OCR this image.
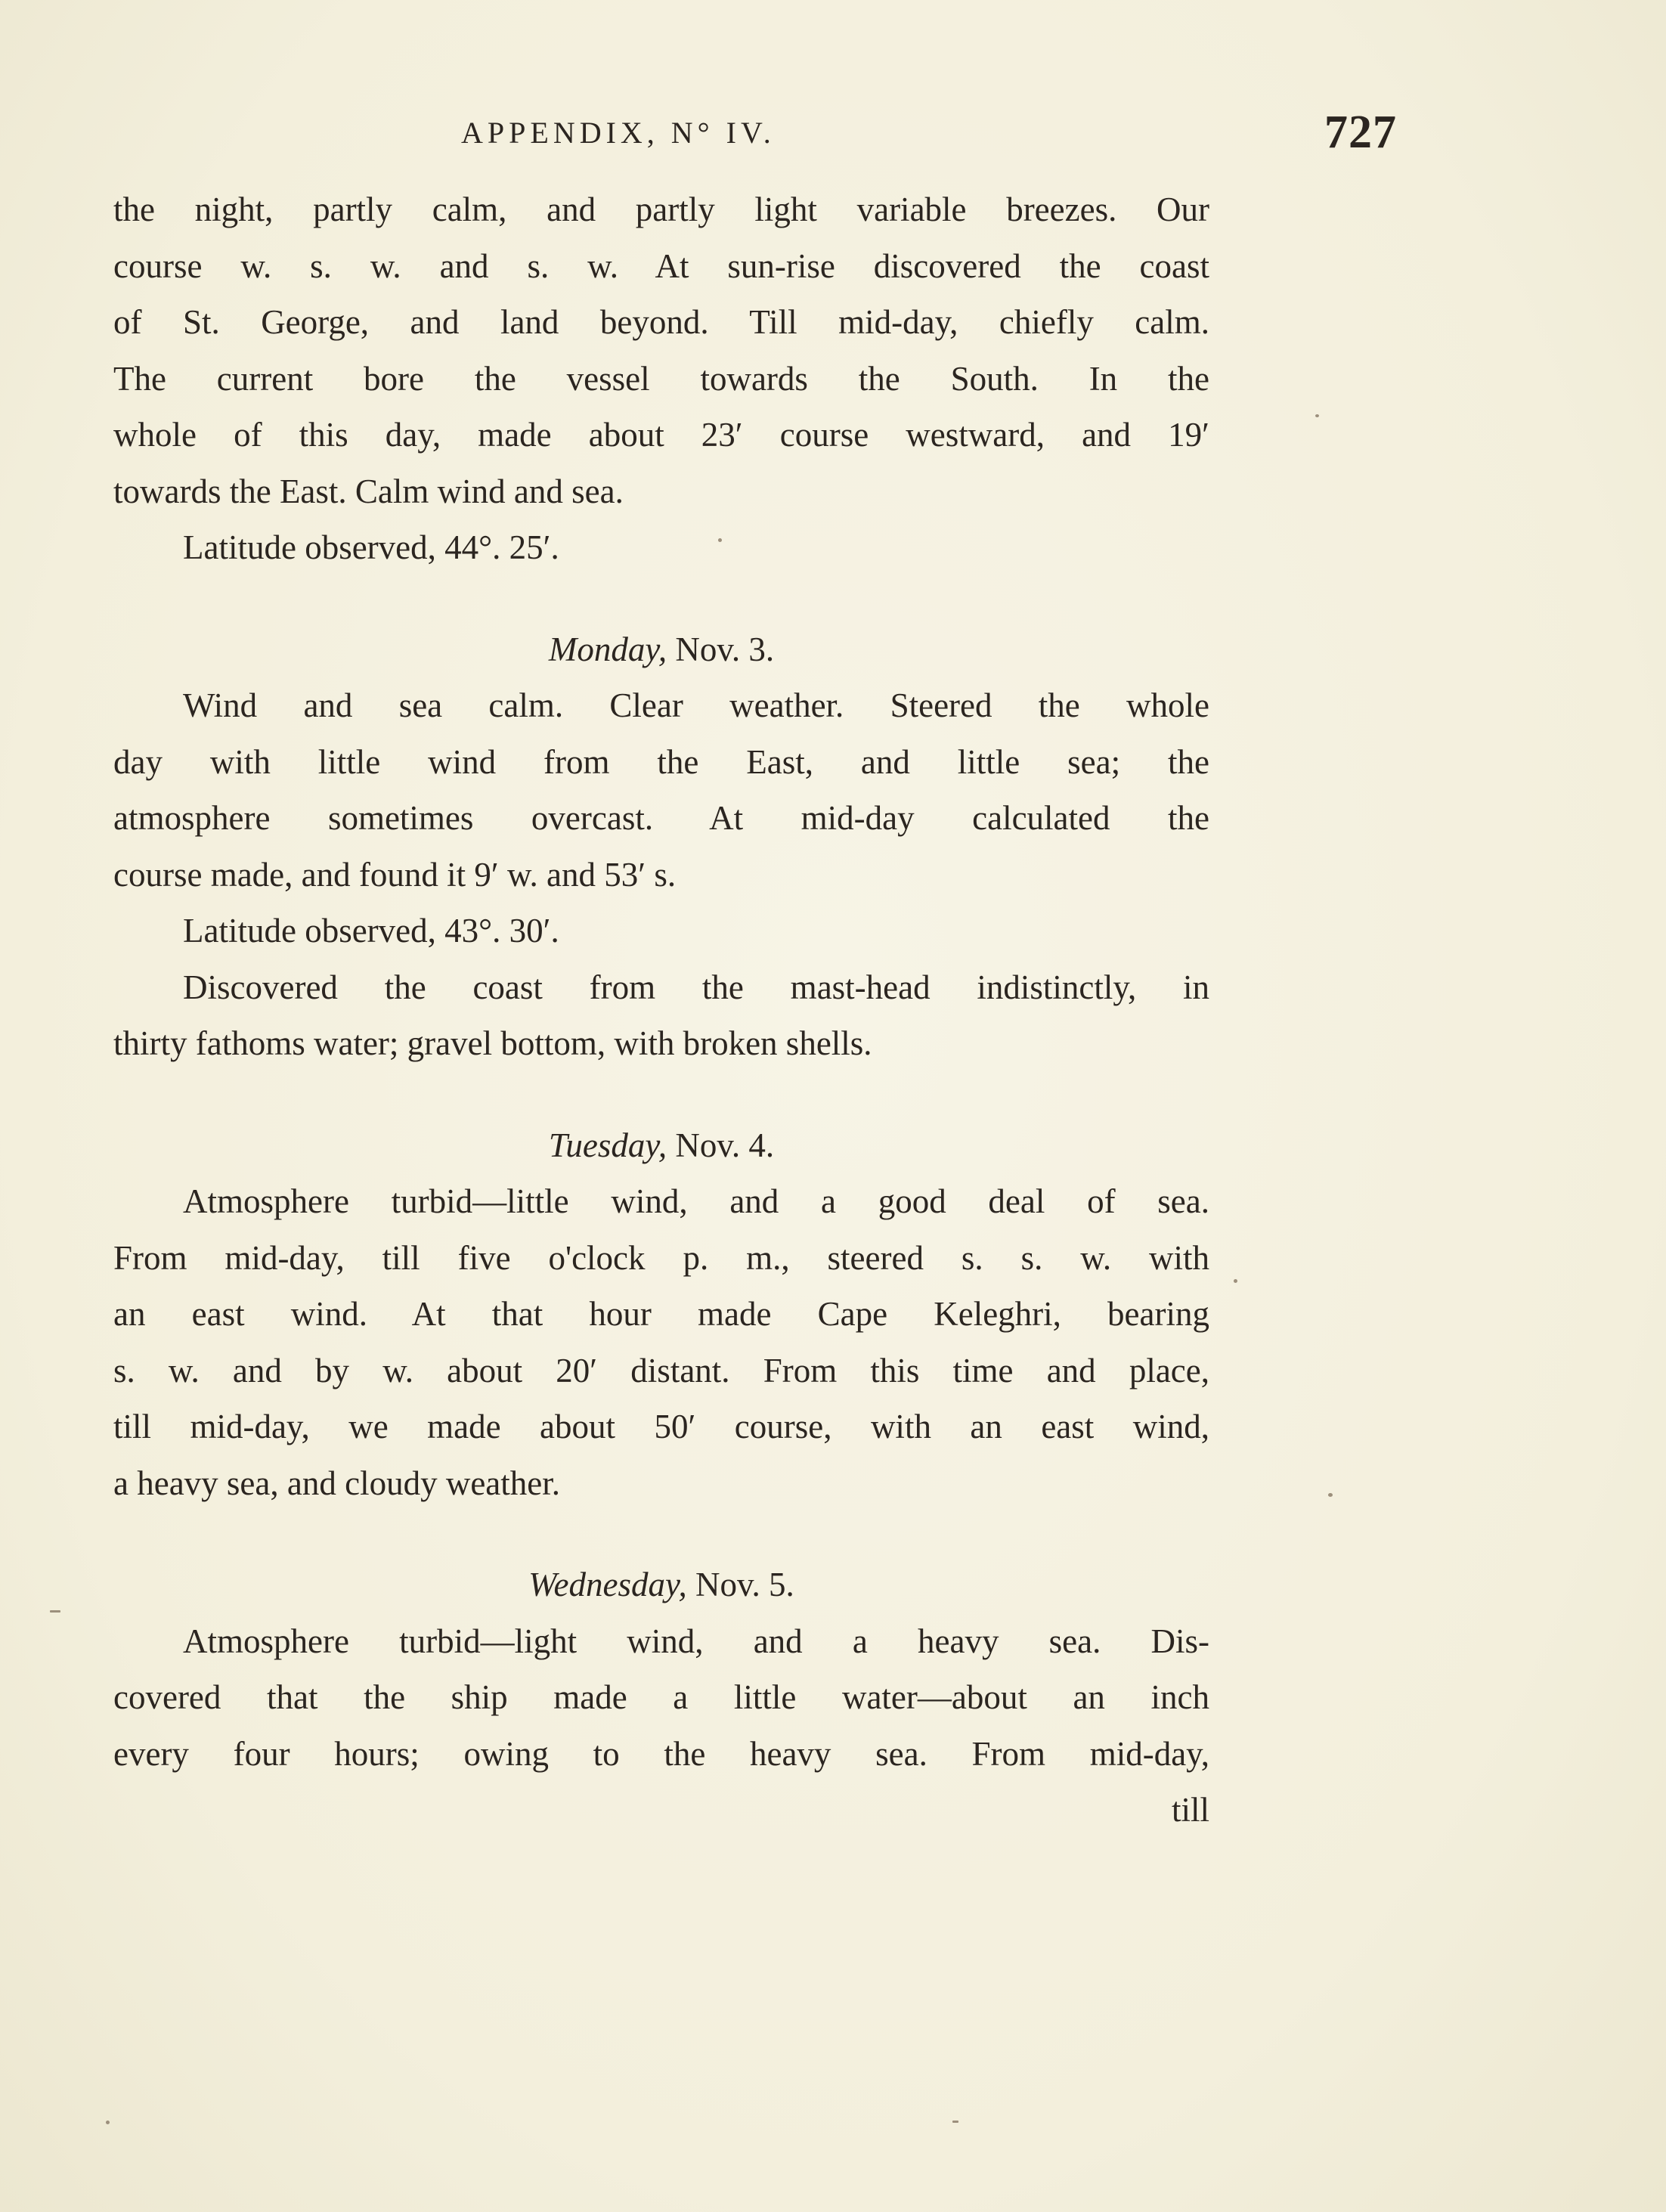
APPENDIX, N° IV.	727
the night, partly calm, and partly light variable breezes. Our
course w. s. w. and s. w. At sun-rise discovered the coast
of St. George, and land beyond. Till mid-day, chiefly calm.
The current bore the vessel towards the South. In the
whole of this day, made about 23′ course westward, and 19′
towards the East. Calm wind and sea.
Latitude observed, 44°. 25′.
Monday, Nov. 3.
Wind and sea calm. Clear weather. Steered the whole
day with little wind from the East, and little sea; the
atmosphere sometimes overcast. At mid-day calculated the
course made, and found it 9′ w. and 53′ s.
Latitude observed, 43°. 30′.
Discovered the coast from the mast-head indistinctly, in
thirty fathoms water; gravel bottom, with broken shells.
Tuesday, Nov. 4.
Atmosphere turbid—little wind, and a good deal of sea.
From mid-day, till five o'clock p. m., steered s. s. w. with
an east wind. At that hour made Cape Keleghri, bearing
s. w. and by w. about 20′ distant. From this time and place,
till mid-day, we made about 50′ course, with an east wind,
a heavy sea, and cloudy weather.
Wednesday, Nov. 5.
Atmosphere turbid—light wind, and a heavy sea. Dis-
covered that the ship made a little water—about an inch
every four hours; owing to the heavy sea. From mid-day,
till
